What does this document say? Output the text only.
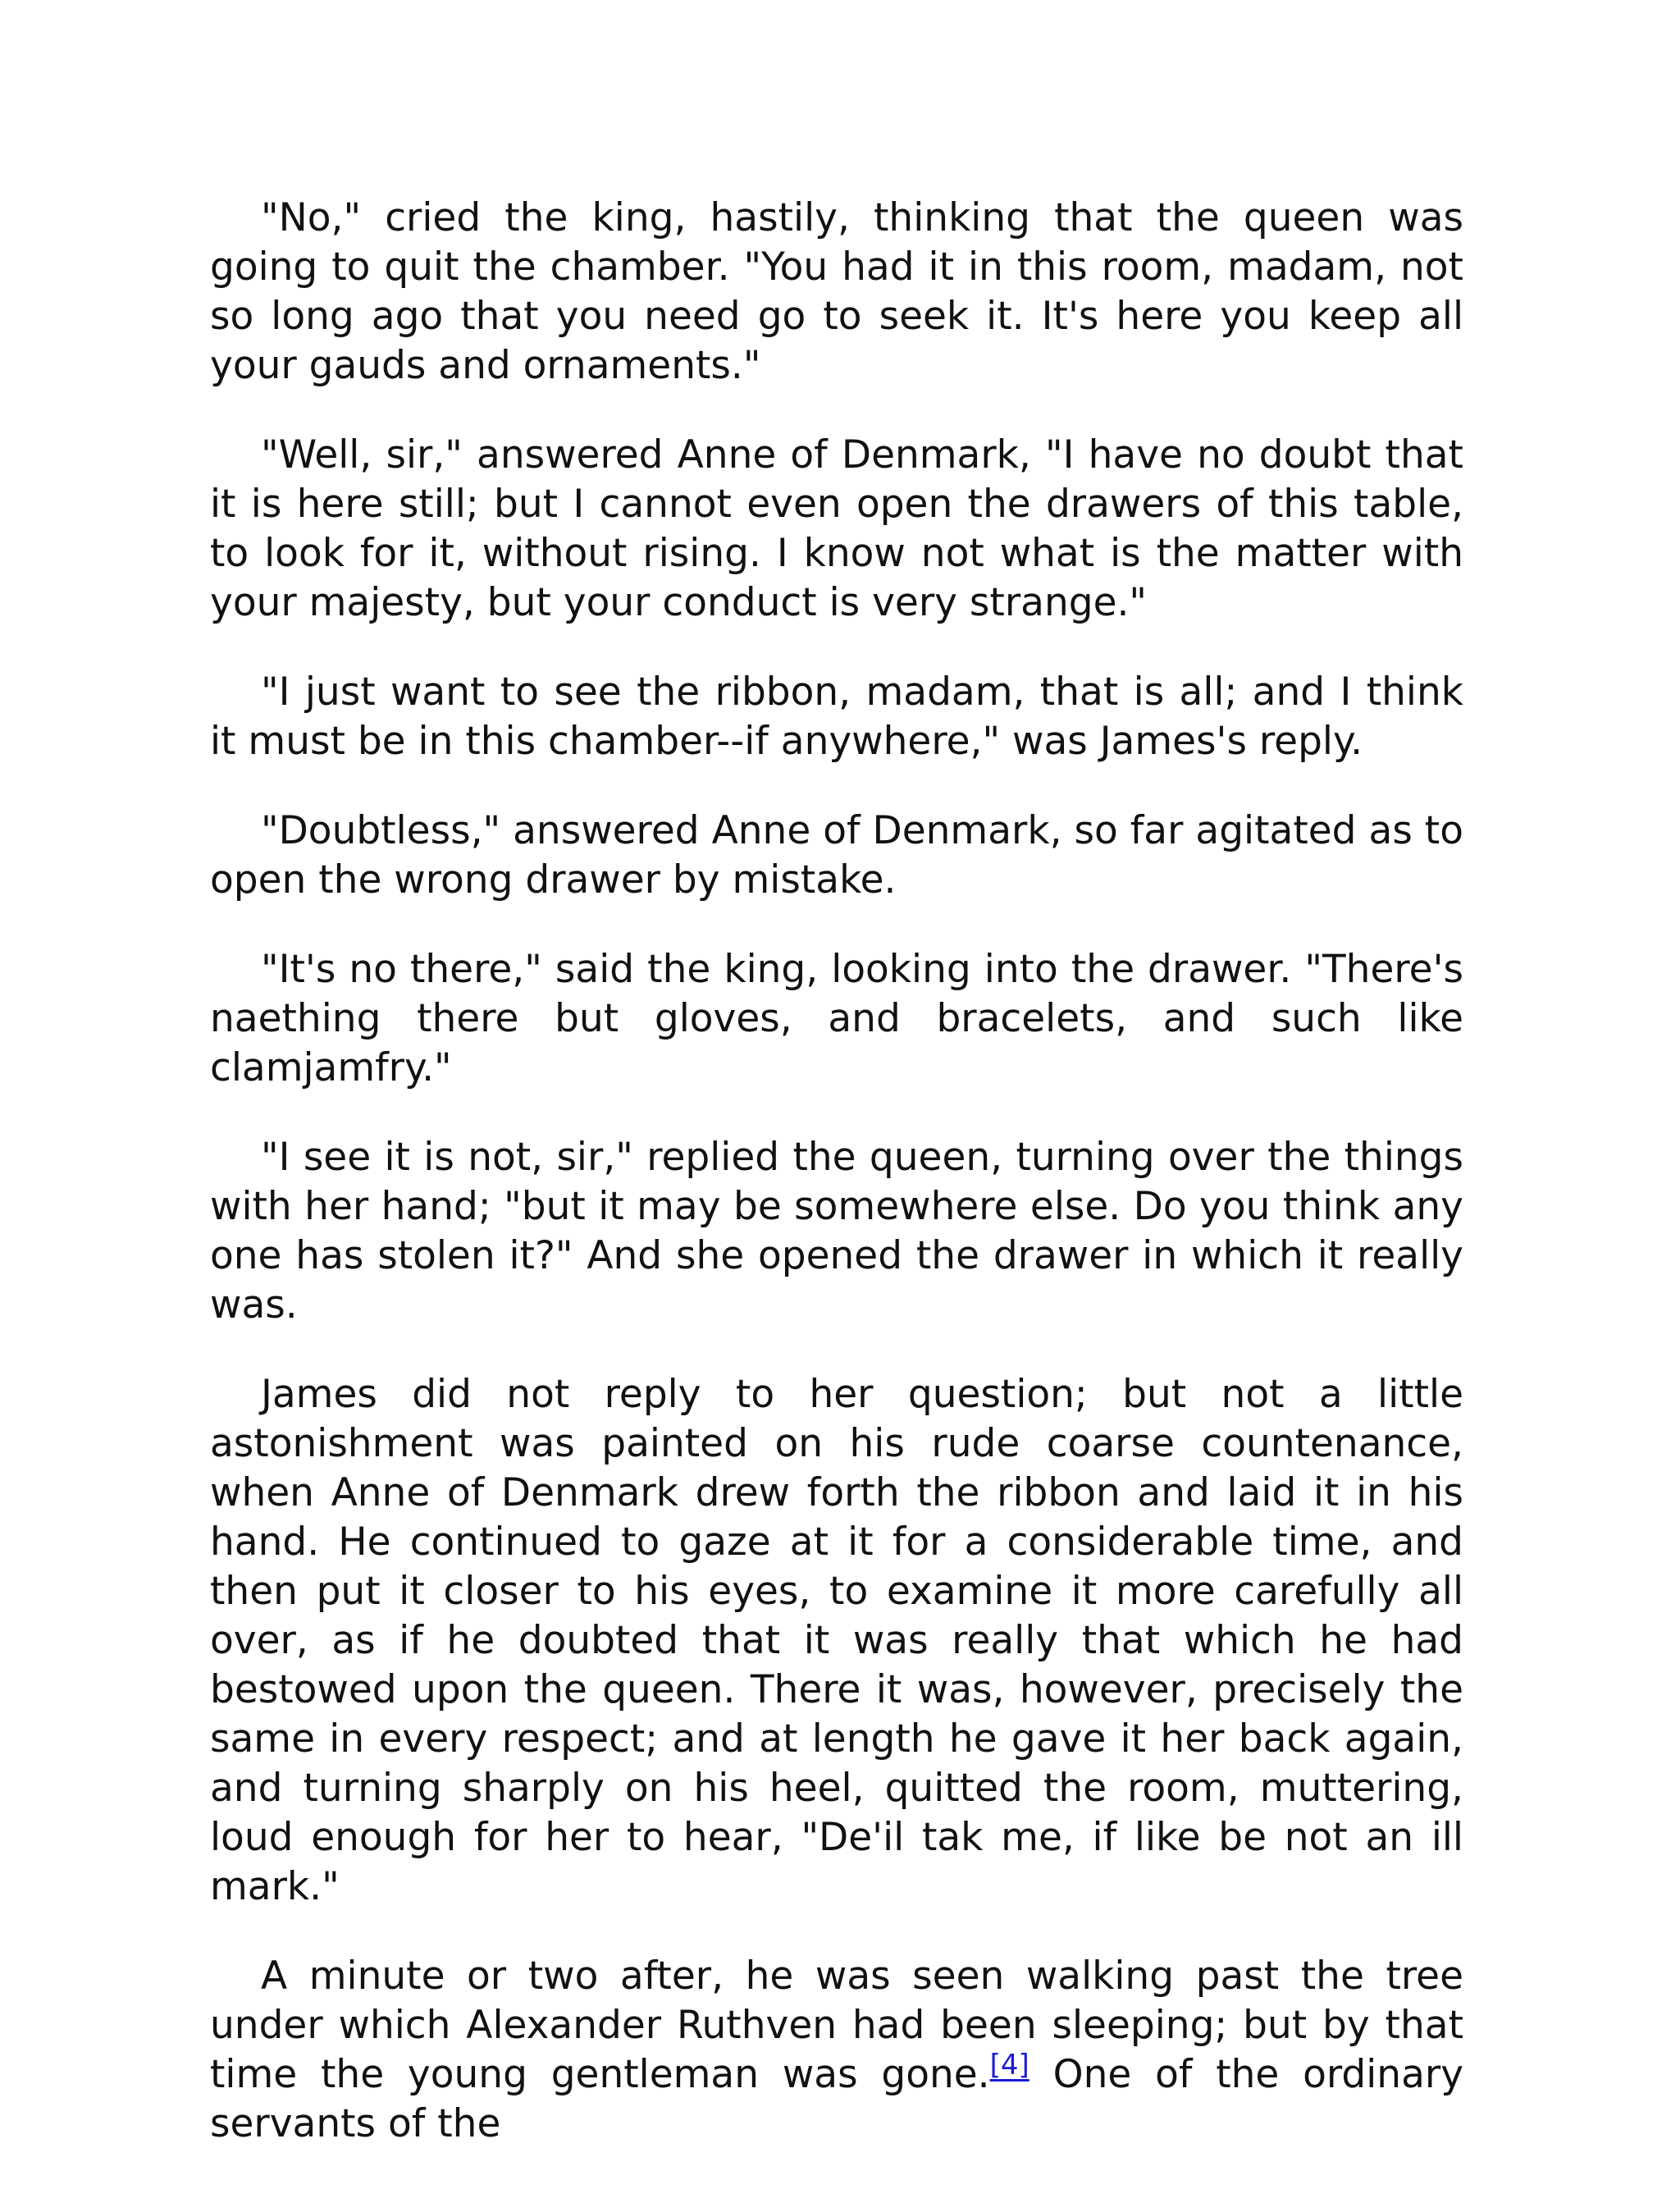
"No," cried the king, hastily, thinking that the queen was going to quit the chamber. "You had it in this room, madam, not so long ago that you need go to seek it. It's here you keep all your gauds and ornaments."

"Well, sir," answered Anne of Denmark, "I have no doubt that it is here still; but I cannot even open the drawers of this table, to look for it, without rising. I know not what is the matter with your majesty, but your conduct is very strange."

"I just want to see the ribbon, madam, that is all; and I think it must be in this chamber--if anywhere," was James's reply.

"Doubtless," answered Anne of Denmark, so far agitated as to open the wrong drawer by mistake.

"It's no there," said the king, looking into the drawer. "There's naething there but gloves, and bracelets, and such like clamjamfry."

"I see it is not, sir," replied the queen, turning over the things with her hand; "but it may be somewhere else. Do you think any one has stolen it?" And she opened the drawer in which it really was.

James did not reply to her question; but not a little astonishment was painted on his rude coarse countenance, when Anne of Denmark drew forth the ribbon and laid it in his hand. He continued to gaze at it for a considerable time, and then put it closer to his eyes, to examine it more carefully all over, as if he doubted that it was really that which he had bestowed upon the queen. There it was, however, precisely the same in every respect; and at length he gave it her back again, and turning sharply on his heel, quitted the room, muttering, loud enough for her to hear, "De'il tak me, if like be not an ill mark."

A minute or two after, he was seen walking past the tree under which Alexander Ruthven had been sleeping; but by that time the young gentleman was gone.[4] One of the ordinary servants of the
